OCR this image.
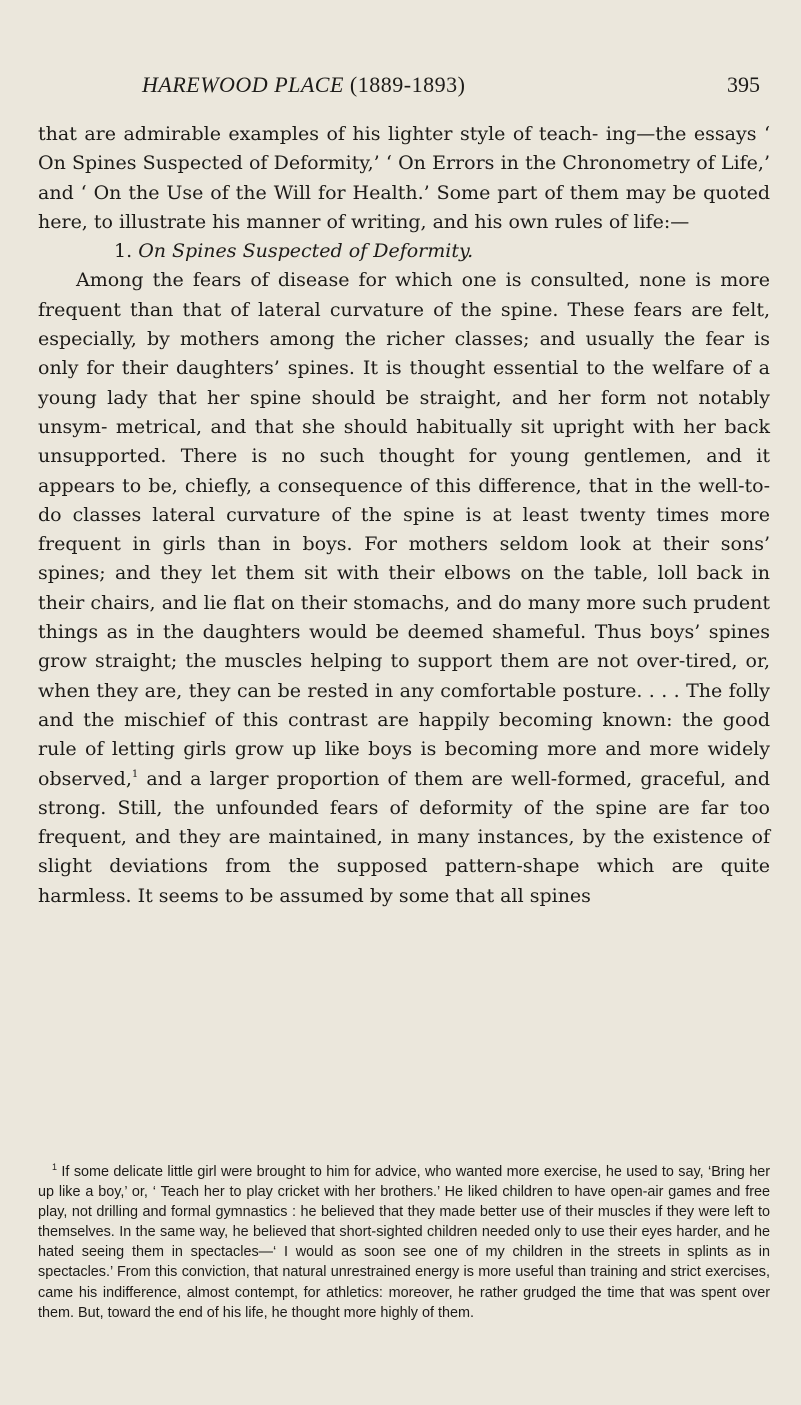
HAREWOOD PLACE (1889-1893)	395

that are admirable examples of his lighter style of teach- ing—the essays ‘ On Spines Suspected of Deformity,’ ‘ On Errors in the Chronometry of Life,’ and ‘ On the Use of the Will for Health.’ Some part of them may be quoted here, to illustrate his manner of writing, and his own rules of life:—

1. On Spines Suspected of Deformity.

Among the fears of disease for which one is consulted, none is more frequent than that of lateral curvature of the spine. These fears are felt, especially, by mothers among the richer classes; and usually the fear is only for their daughters’ spines. It is thought essential to the welfare of a young lady that her spine should be straight, and her form not notably unsym- metrical, and that she should habitually sit upright with her back unsupported. There is no such thought for young gentlemen, and it appears to be, chiefly, a consequence of this difference, that in the well-to-do classes lateral curvature of the spine is at least twenty times more frequent in girls than in boys. For mothers seldom look at their sons’ spines; and they let them sit with their elbows on the table, loll back in their chairs, and lie flat on their stomachs, and do many more such prudent things as in the daughters would be deemed shameful. Thus boys’ spines grow straight; the muscles helping to support them are not over-tired, or, when they are, they can be rested in any comfortable posture. . . . The folly and the mischief of this contrast are happily becoming known: the good rule of letting girls grow up like boys is becoming more and more widely observed,$^1$ and a larger proportion of them are well-formed, graceful, and strong. Still, the unfounded fears of deformity of the spine are far too frequent, and they are maintained, in many instances, by the existence of slight deviations from the supposed pattern-shape which are quite harmless. It seems to be assumed by some that all spines

$^1$ If some delicate little girl were brought to him for advice, who wanted more exercise, he used to say, ‘Bring her up like a boy,’ or, ‘ Teach her to play cricket with her brothers.’ He liked children to have open-air games and free play, not drilling and formal gymnastics : he believed that they made better use of their muscles if they were left to themselves. In the same way, he believed that short-sighted children needed only to use their eyes harder, and he hated seeing them in spectacles—‘ I would as soon see one of my children in the streets in splints as in spectacles.’ From this conviction, that natural unrestrained energy is more useful than training and strict exercises, came his indifference, almost contempt, for athletics: moreover, he rather grudged the time that was spent over them. But, toward the end of his life, he thought more highly of them.
